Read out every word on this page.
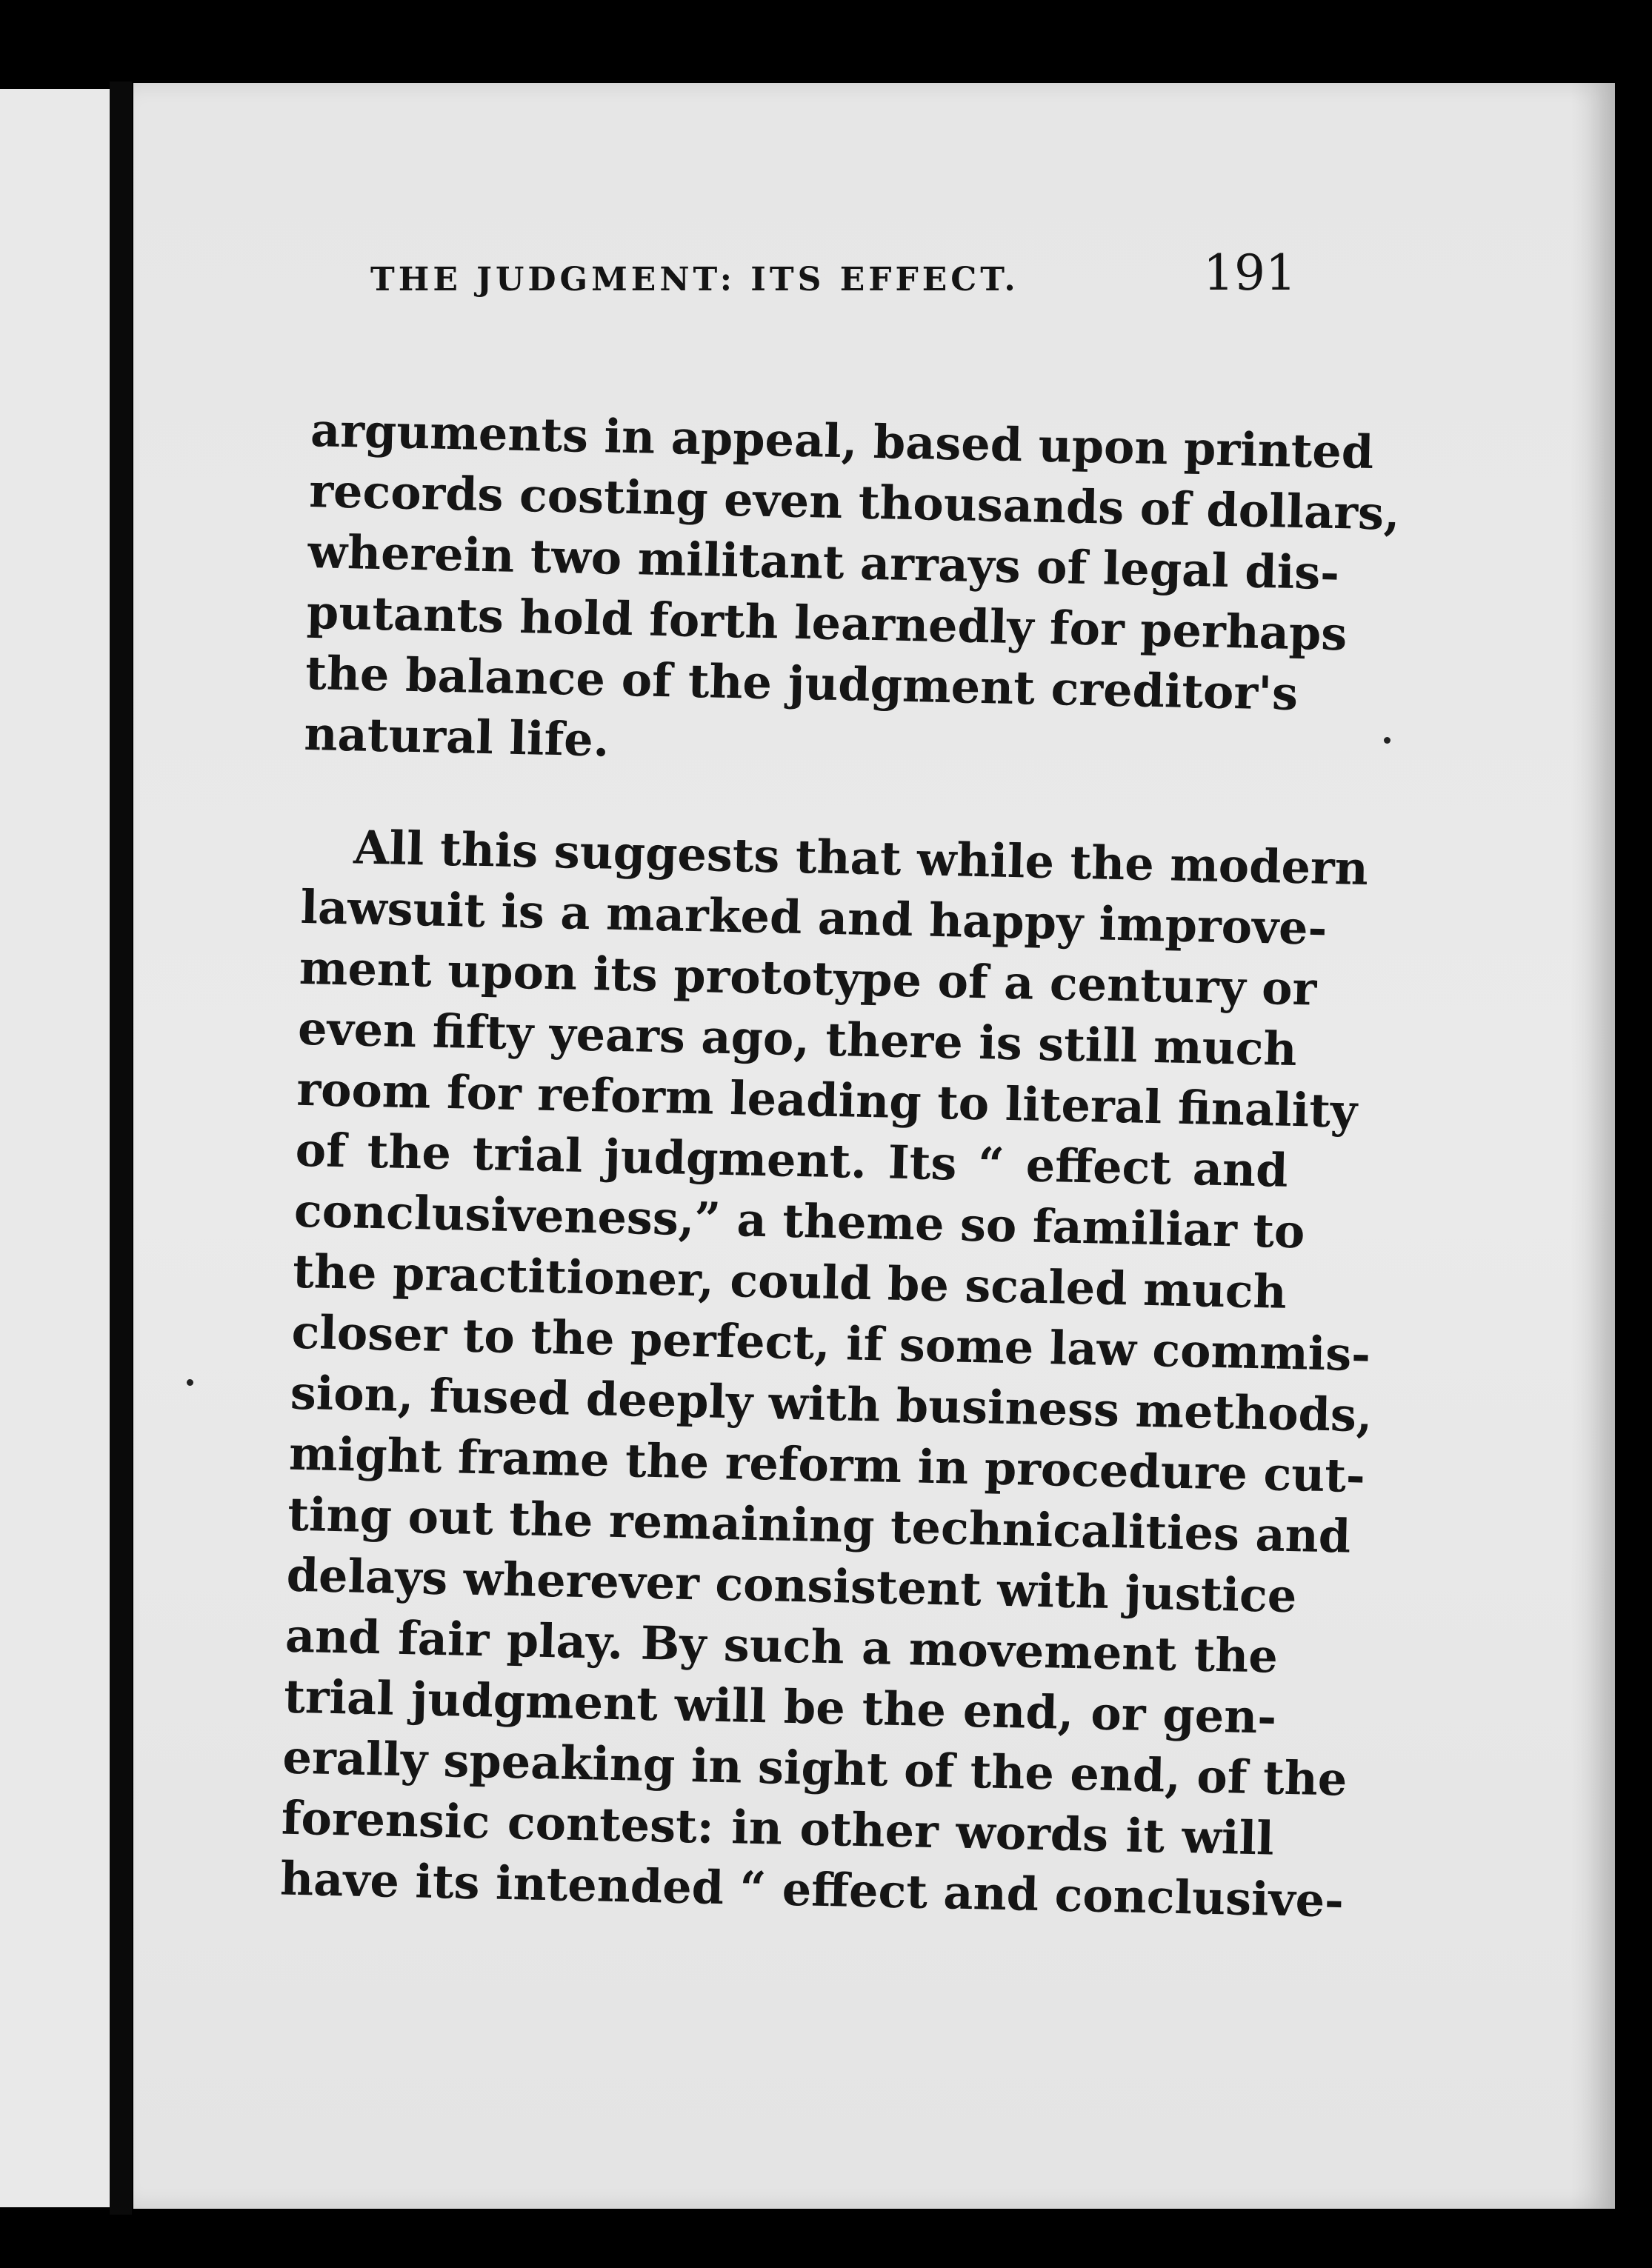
THE JUDGMENT: ITS EFFECT.	191
arguments in appeal, based upon printed
records costing even thousands of dollars,
wherein two militant arrays of legal dis-
putants hold forth learnedly for perhaps
the balance of the judgment creditor's
natural life.
All this suggests that while the modern
lawsuit is a marked and happy improve-
ment upon its prototype of a century or
even fifty years ago, there is still much
room for reform leading to literal finality
of the trial judgment. Its “ effect and
conclusiveness,” a theme so familiar to
the practitioner, could be scaled much
closer to the perfect, if some law commis-
sion, fused deeply with business methods,
might frame the reform in procedure cut-
ting out the remaining technicalities and
delays wherever consistent with justice
and fair play. By such a movement the
trial judgment will be the end, or gen-
erally speaking in sight of the end, of the
forensic contest: in other words it will
have its intended “ effect and conclusive-
